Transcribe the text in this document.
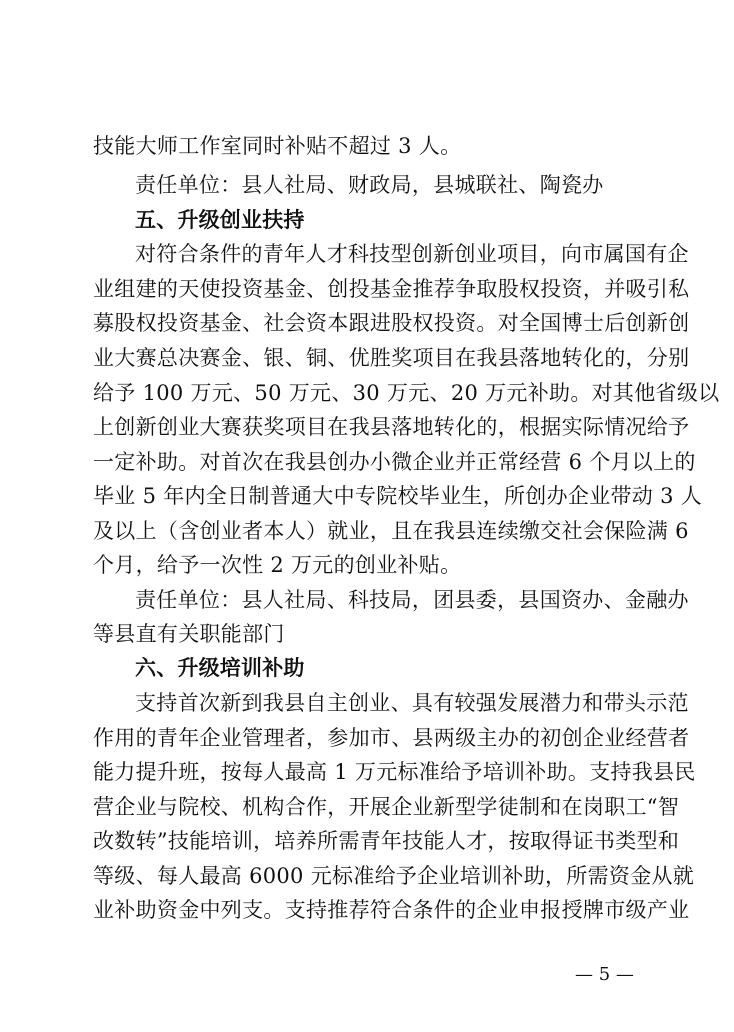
技能大师工作室同时补贴不超过 3 人。
责任单位：县人社局、财政局，县城联社、陶瓷办
五、升级创业扶持
对符合条件的青年人才科技型创新创业项目，向市属国有企
业组建的天使投资基金、创投基金推荐争取股权投资，并吸引私
募股权投资基金、社会资本跟进股权投资。对全国博士后创新创
业大赛总决赛金、银、铜、优胜奖项目在我县落地转化的，分别
给予 100 万元、50 万元、30 万元、20 万元补助。对其他省级以
上创新创业大赛获奖项目在我县落地转化的，根据实际情况给予
一定补助。对首次在我县创办小微企业并正常经营 6 个月以上的
毕业 5 年内全日制普通大中专院校毕业生，所创办企业带动 3 人
及以上（含创业者本人）就业，且在我县连续缴交社会保险满 6
个月，给予一次性 2 万元的创业补贴。
责任单位：县人社局、科技局，团县委，县国资办、金融办
等县直有关职能部门
六、升级培训补助
支持首次新到我县自主创业、具有较强发展潜力和带头示范
作用的青年企业管理者，参加市、县两级主办的初创企业经营者
能力提升班，按每人最高 1 万元标准给予培训补助。支持我县民
营企业与院校、机构合作，开展企业新型学徒制和在岗职工“智
改数转”技能培训，培养所需青年技能人才，按取得证书类型和
等级、每人最高 6000 元标准给予企业培训补助，所需资金从就
业补助资金中列支。支持推荐符合条件的企业申报授牌市级产业
— 5 —
